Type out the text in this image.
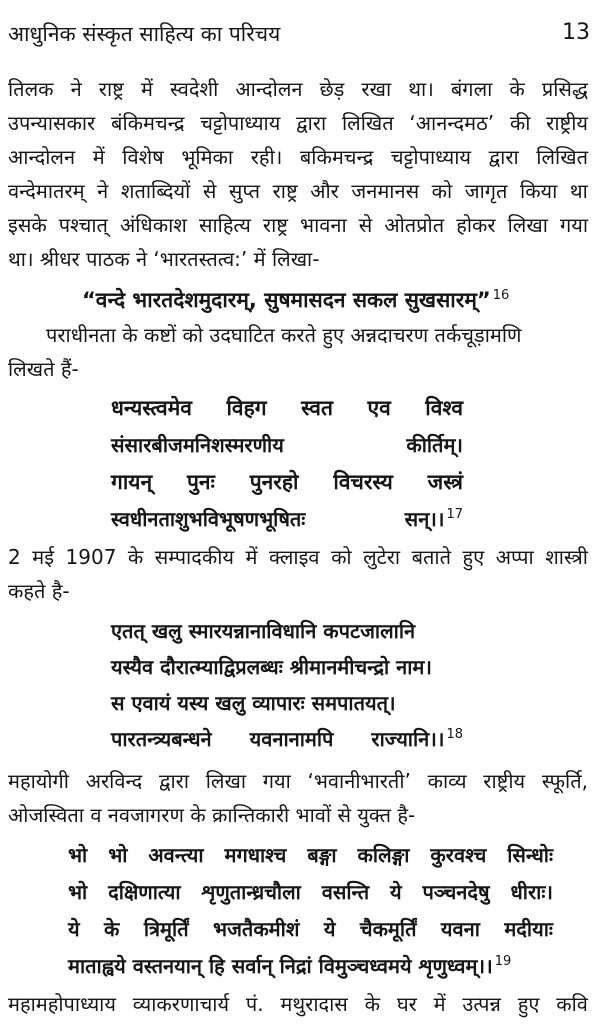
आधुनिक संस्कृत साहित्य का परिचय	13
तिलक ने राष्ट्र में स्वदेशी आन्दोलन छेड़ रखा था। बंगला के प्रसिद्ध
उपन्यासकार बंकिमचन्द्र चट्टोपाध्याय द्वारा लिखित ‘आनन्दमठ’ की राष्ट्रीय
आन्दोलन में विशेष भूमिका रही। बकिमचन्द्र चट्टोपाध्याय द्वारा लिखित
वन्देमातरम् ने शताब्दियों से सुप्त राष्ट्र और जनमानस को जागृत किया था
इसके पश्चात् अंधिकाश साहित्य राष्ट्र भावना से ओतप्रोत होकर लिखा गया
था। श्रीधर पाठक ने ‘भारतस्तत्व:’ में लिखा-
“वन्दे भारतदेशमुदारम्, सुषमासदन सकल सुखसारम्” $^{16}$
पराधीनता के कष्टों को उदघाटित करते हुए अन्नदाचरण तर्कचूड़ामणि
लिखते हैं-
धन्यस्त्वमेव विहग स्वत एव विश्व
संसारबीजमनिशस्मरणीय	कीर्तिम्।
गायन् पुनः पुनरहो विचरस्य जस्त्रं
स्वधीनताशुभविभूषणभूषितः	सन्।। 17
2 मई 1907 के सम्पादकीय में क्लाइव को लुटेरा बताते हुए अप्पा शास्त्री
कहते है-
एतत् खलु स्मारयन्नानाविधानि कपटजालानि
यस्यैव दौरात्म्याद्विप्रलब्धः श्रीमानमीचन्द्रो नाम।
स एवायं यस्य खलु व्यापारः समपातयत्।
पारतन्त्र्यबन्धने यवनानामपि राज्यानि।। 18
महायोगी अरविन्द द्वारा लिखा गया ‘भवानीभारती’ काव्य राष्ट्रीय स्फूर्ति,
ओजस्विता व नवजागरण के क्रान्तिकारी भावों से युक्त है-
भो भो अवन्त्या मगधाश्च बङ्गा कलिङ्गा कुरवश्च सिन्धोः
भो दक्षिणात्या शृणुतान्ध्रचौला वसन्ति ये पञ्चनदेषु धीराः।
ये के त्रिमूर्तिं भजतैकमीशं ये चैकमूर्तिं यवना मदीयाः
माताह्वये वस्तनयान् हि सर्वान् निद्रां विमुञ्चध्वमये शृणुध्वम्।। $^{19}$
महामहोपाध्याय व्याकरणाचार्य पं. मथुरादास के घर में उत्पन्न हुए कवि
